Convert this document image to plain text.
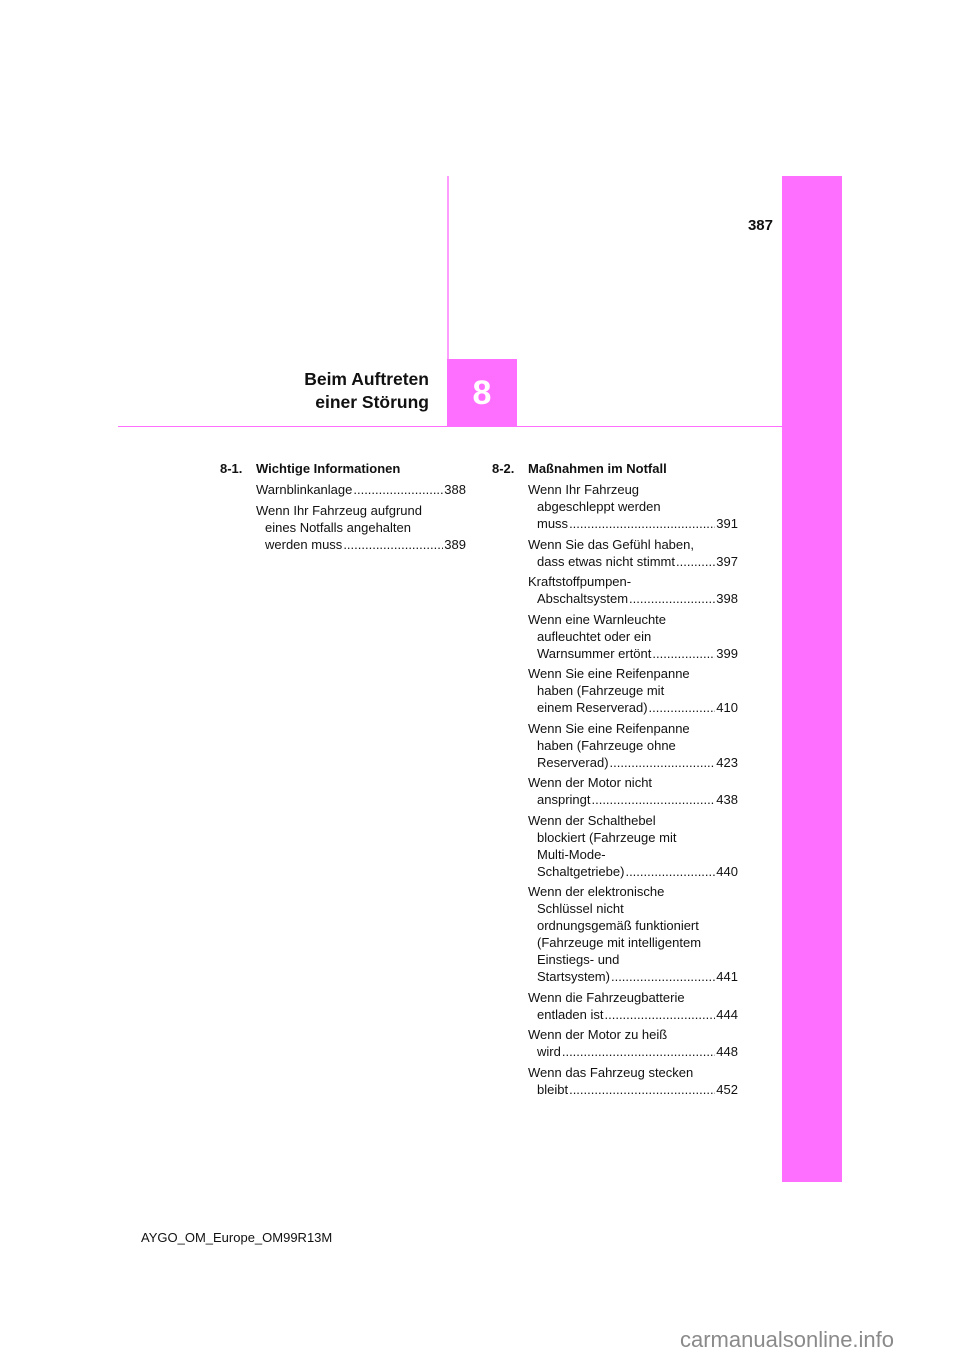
8
387
Beim Auftreten
einer Störung
8-1.	Wichtige Informationen
Warnblinkanlage .....	388
Wenn Ihr Fahrzeug aufgrund
eines Notfalls angehalten
werden muss .....	389
8-2.	Maßnahmen im Notfall
Wenn Ihr Fahrzeug
abgeschleppt werden
muss .....	391
Wenn Sie das Gefühl haben,
dass etwas nicht stimmt .....	397
Kraftstoffpumpen-
Abschaltsystem .....	398
Wenn eine Warnleuchte
aufleuchtet oder ein
Warnsummer ertönt .....	399
Wenn Sie eine Reifenpanne
haben (Fahrzeuge mit
einem Reserverad) .....	410
Wenn Sie eine Reifenpanne
haben (Fahrzeuge ohne
Reserverad) .....	423
Wenn der Motor nicht
anspringt .....	438
Wenn der Schalthebel
blockiert (Fahrzeuge mit
Multi-Mode-
Schaltgetriebe) .....	440
Wenn der elektronische
Schlüssel nicht
ordnungsgemäß funktioniert
(Fahrzeuge mit intelligentem
Einstiegs- und
Startsystem) .....	441
Wenn die Fahrzeugbatterie
entladen ist .....	444
Wenn der Motor zu heiß
wird .....	448
Wenn das Fahrzeug stecken
bleibt .....	452
AYGO_OM_Europe_OM99R13M
carmanualsonline.info
